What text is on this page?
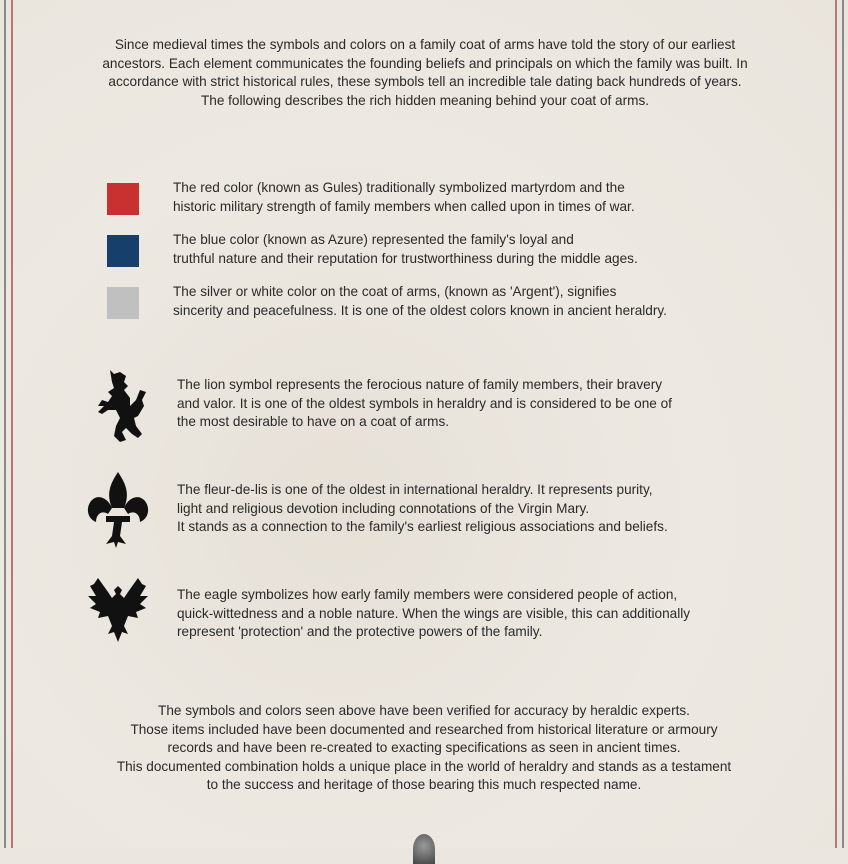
Since medieval times the symbols and colors on a family coat of arms have told the story of our earliest ancestors. Each element communicates the founding beliefs and principals on which the family was built. In accordance with strict historical rules, these symbols tell an incredible tale dating back hundreds of years. The following describes the rich hidden meaning behind your coat of arms.
The red color (known as Gules) traditionally symbolized martyrdom and the
historic military strength of family members when called upon in times of war.
The blue color (known as Azure) represented the family's loyal and
truthful nature and their reputation for trustworthiness during the middle ages.
The silver or white color on the coat of arms, (known as 'Argent'), signifies
sincerity and peacefulness. It is one of the oldest colors known in ancient heraldry.
The lion symbol represents the ferocious nature of family members, their bravery
and valor. It is one of the oldest symbols in heraldry and is considered to be one of
the most desirable to have on a coat of arms.
The fleur-de-lis is one of the oldest in international heraldry. It represents purity,
light and religious devotion including connotations of the Virgin Mary.
It stands as a connection to the family's earliest religious associations and beliefs.
The eagle symbolizes how early family members were considered people of action,
quick-wittedness and a noble nature. When the wings are visible, this can additionally
represent 'protection' and the protective powers of the family.
The symbols and colors seen above have been verified for accuracy by heraldic experts.
Those items included have been documented and researched from historical literature or armoury
records and have been re-created to exacting specifications as seen in ancient times.
This documented combination holds a unique place in the world of heraldry and stands as a testament
to the success and heritage of those bearing this much respected name.
